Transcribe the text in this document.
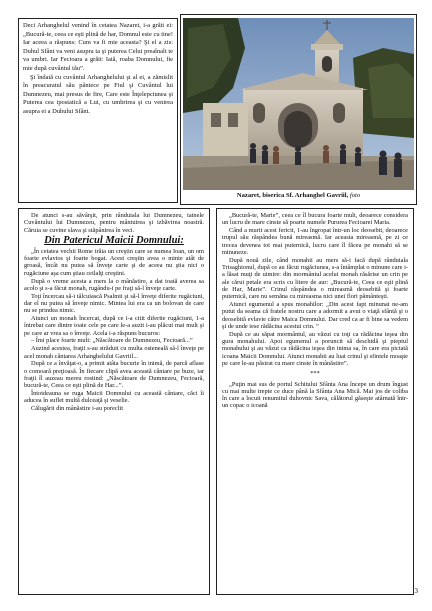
Deci Arhanghelul venind în cetatea Nazaret, i-a grăit ei: „Bucură-te, ceea ce eşti plină de har, Domnul este cu tine! Iar aceea a răspuns: Cum va fi mie aceasta? Şi el a zis: Duhul Sfânt va veni asupra ta şi puterea Celui preaînalt te va umbri. Iar Fecioara a grăit: Iată, roaba Domnului, fie mie după cuvântul tău”.

Şi îndată cu cuvântul Arhanghelului şi al ei, a zămislit în preacuratul său pântece pe Fiul şi Cuvântul lui Dumnezeu, mai presus de fire, Care este Înţelepciunea şi Puterea cea ipostatică a Lui, cu umbrirea şi cu venirea asupra ei a Duhului Sfânt.

Nazaret, biserica Sf. Arhanghel Gavriil, foto

De atunci s-au săvârşit, prin rânduiala lui Dumnezeu, tainele Cuvântului lui Dumnezeu, pentru mântuirea şi izbăvirea noastră. Căruia se cuvine slava şi stăpânirea în veci.

Din Patericul Maicii Domnului:

„În cetatea vechii Rome trăia un creştin care se numea Ioan, un om foarte evlavios şi foarte bogat. Acest creştin avea o minte atât de groasă, încât nu putea să înveţe carte şi de aceea nu ştia nici o rugăciune aşa cum ştiau ceilalţi creştini.

După o vreme acesta a mers la o mânăstire, a dat toată averea sa acolo şi s-a făcut monah, rugându-i pe fraţi să-l înveţe carte.

Toţi încercau să-i tâlcuiască Psalmii şi să-l înveţe diferite rugăciuni, dar el nu putea să înveţe nimic. Mintea lui era ca un bolovan de care nu se prindea nimic.

Atunci un monah încercat, după ce i-a citit diferite rugăciuni, 1-a întrebat care dintre toate cele pe care le-a auzit i-au plăcut mai mult şi pe care ar vrea sa o înveţe. Acela i-a răspuns bucuros:

– Îmi place foarte mult: „Născătoare de Dumnezeu, Fecioară...”

Auzind acestea, fraţii s-au străduit cu multa osteneală să-l înveţe pe acel monah cântarea Arhanghelului Gavriil...

După ce a învăţat-o, a primit atâta bucurie în inimă, de parcă aflase o comoară preţioasă. În fiecare clipă avea această cântare pe buze, iar fraţii îl auzeau mereu rostind: „Născătoare de Dumnezeu, Fecioară, bucură-te, Ceea ce eşti plină de Har...”.

Întotdeauna se ruga Maicii Domnului cu această cântare, căci îi aducea în suflet multă dulceaţă şi veselie.

Călugării din mânăstire i-au poreclit

„Bucură-te, Marie”, ceea ce îl bucura foarte mult, deoarece considera un lucru de mare cinste să poarte numele Purureа Fecioarei Maria.

Când a murit acest fericit, 1-au îngropat într-un loc deosebit, deoarece trupul său răspândea bună mireasmă. Iar aceasta mireasmă, pe zi ce trecea devenea tot mai puternică, lucru care îl făcea pe monahi să se minuneze.

După nouă zile, când monahii au mers să-i facă după rânduiala Trisaghionul, după ce au făcut rugăciunea, s-a întâmplat o minune care i-a lăsat muţi de uimire: din mormântul acelui monah răsărise un crin pe ale cărui petale era scris cu litere de aur: „Bucură-te, Ceea ce eşti plină de Har, Marie”. Crinul răspândea o mireasmă deosebită şi foarte puternică, care nu semăna cu mireasma nici unei flori pământeşti.

Atunci egumenul a spus monahilor: „Din acest fapt minunat ne-am putut da seama că fratele nostru care a adormit a avut o viaţă sfântă şi o deosebită evlavie către Maica Domnului. Dar cred ca ar fi bine sa vedem şi de unde iese rădăcina acestui crin. ”

După ce au săpat mormântul, au văzut cu toţi ca rădăcina ieşea din gura monahului. Apoi egumenul a poruncit să deschidă şi pieptul monahului şi au văzut ca rădăcina ieşea din inima sa, în care era pictată icoana Maicii Domnului. Atunci monahii au luat crinul şi sfintele moaşte pe care le-au păstrat cu mare cinste în mânăstire”.

***

„Puţin mai sus de portul Schitului Sfânta Ana începe un drum îngust cu mai multe trepte ce duce până la Sfânta Ana Mică. Mai jos de coliba în care a locuit renumitul duhovnic Sava, călătorul găseşte atârnată într-un copac o icoană

3
